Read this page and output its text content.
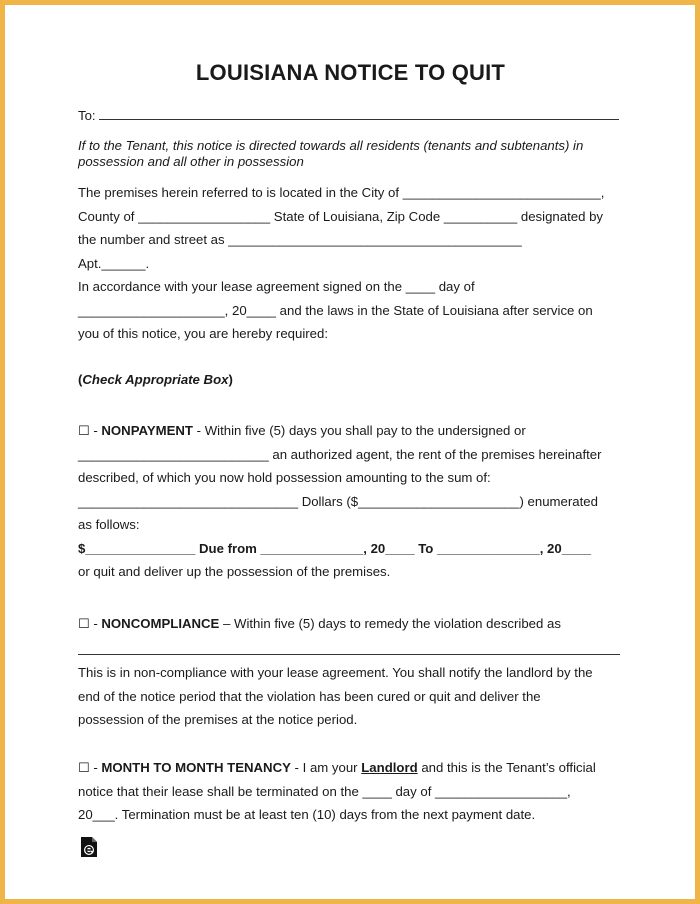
LOUISIANA NOTICE TO QUIT
To:
If to the Tenant, this notice is directed towards all residents (tenants and subtenants) in possession and all other in possession
The premises herein referred to is located in the City of ___________________________,
County of __________________ State of Louisiana, Zip Code __________ designated by
the number and street as ________________________________________
Apt.______.
In accordance with your lease agreement signed on the ____ day of
____________________, 20____ and the laws in the State of Louisiana after service on
you of this notice, you are hereby required:
(Check Appropriate Box)
☐ - NONPAYMENT - Within five (5) days you shall pay to the undersigned or
__________________________ an authorized agent, the rent of the premises hereinafter
described, of which you now hold possession amounting to the sum of:
______________________________ Dollars ($______________________) enumerated
as follows:
$_______________ Due from ______________, 20____ To ______________, 20____
or quit and deliver up the possession of the premises.
☐ - NONCOMPLIANCE – Within five (5) days to remedy the violation described as
This is in non-compliance with your lease agreement. You shall notify the landlord by the
end of the notice period that the violation has been cured or quit and deliver the
possession of the premises at the notice period.
☐ - MONTH TO MONTH TENANCY - I am your Landlord and this is the Tenant’s official
notice that their lease shall be terminated on the ____ day of __________________,
20___. Termination must be at least ten (10) days from the next payment date.
